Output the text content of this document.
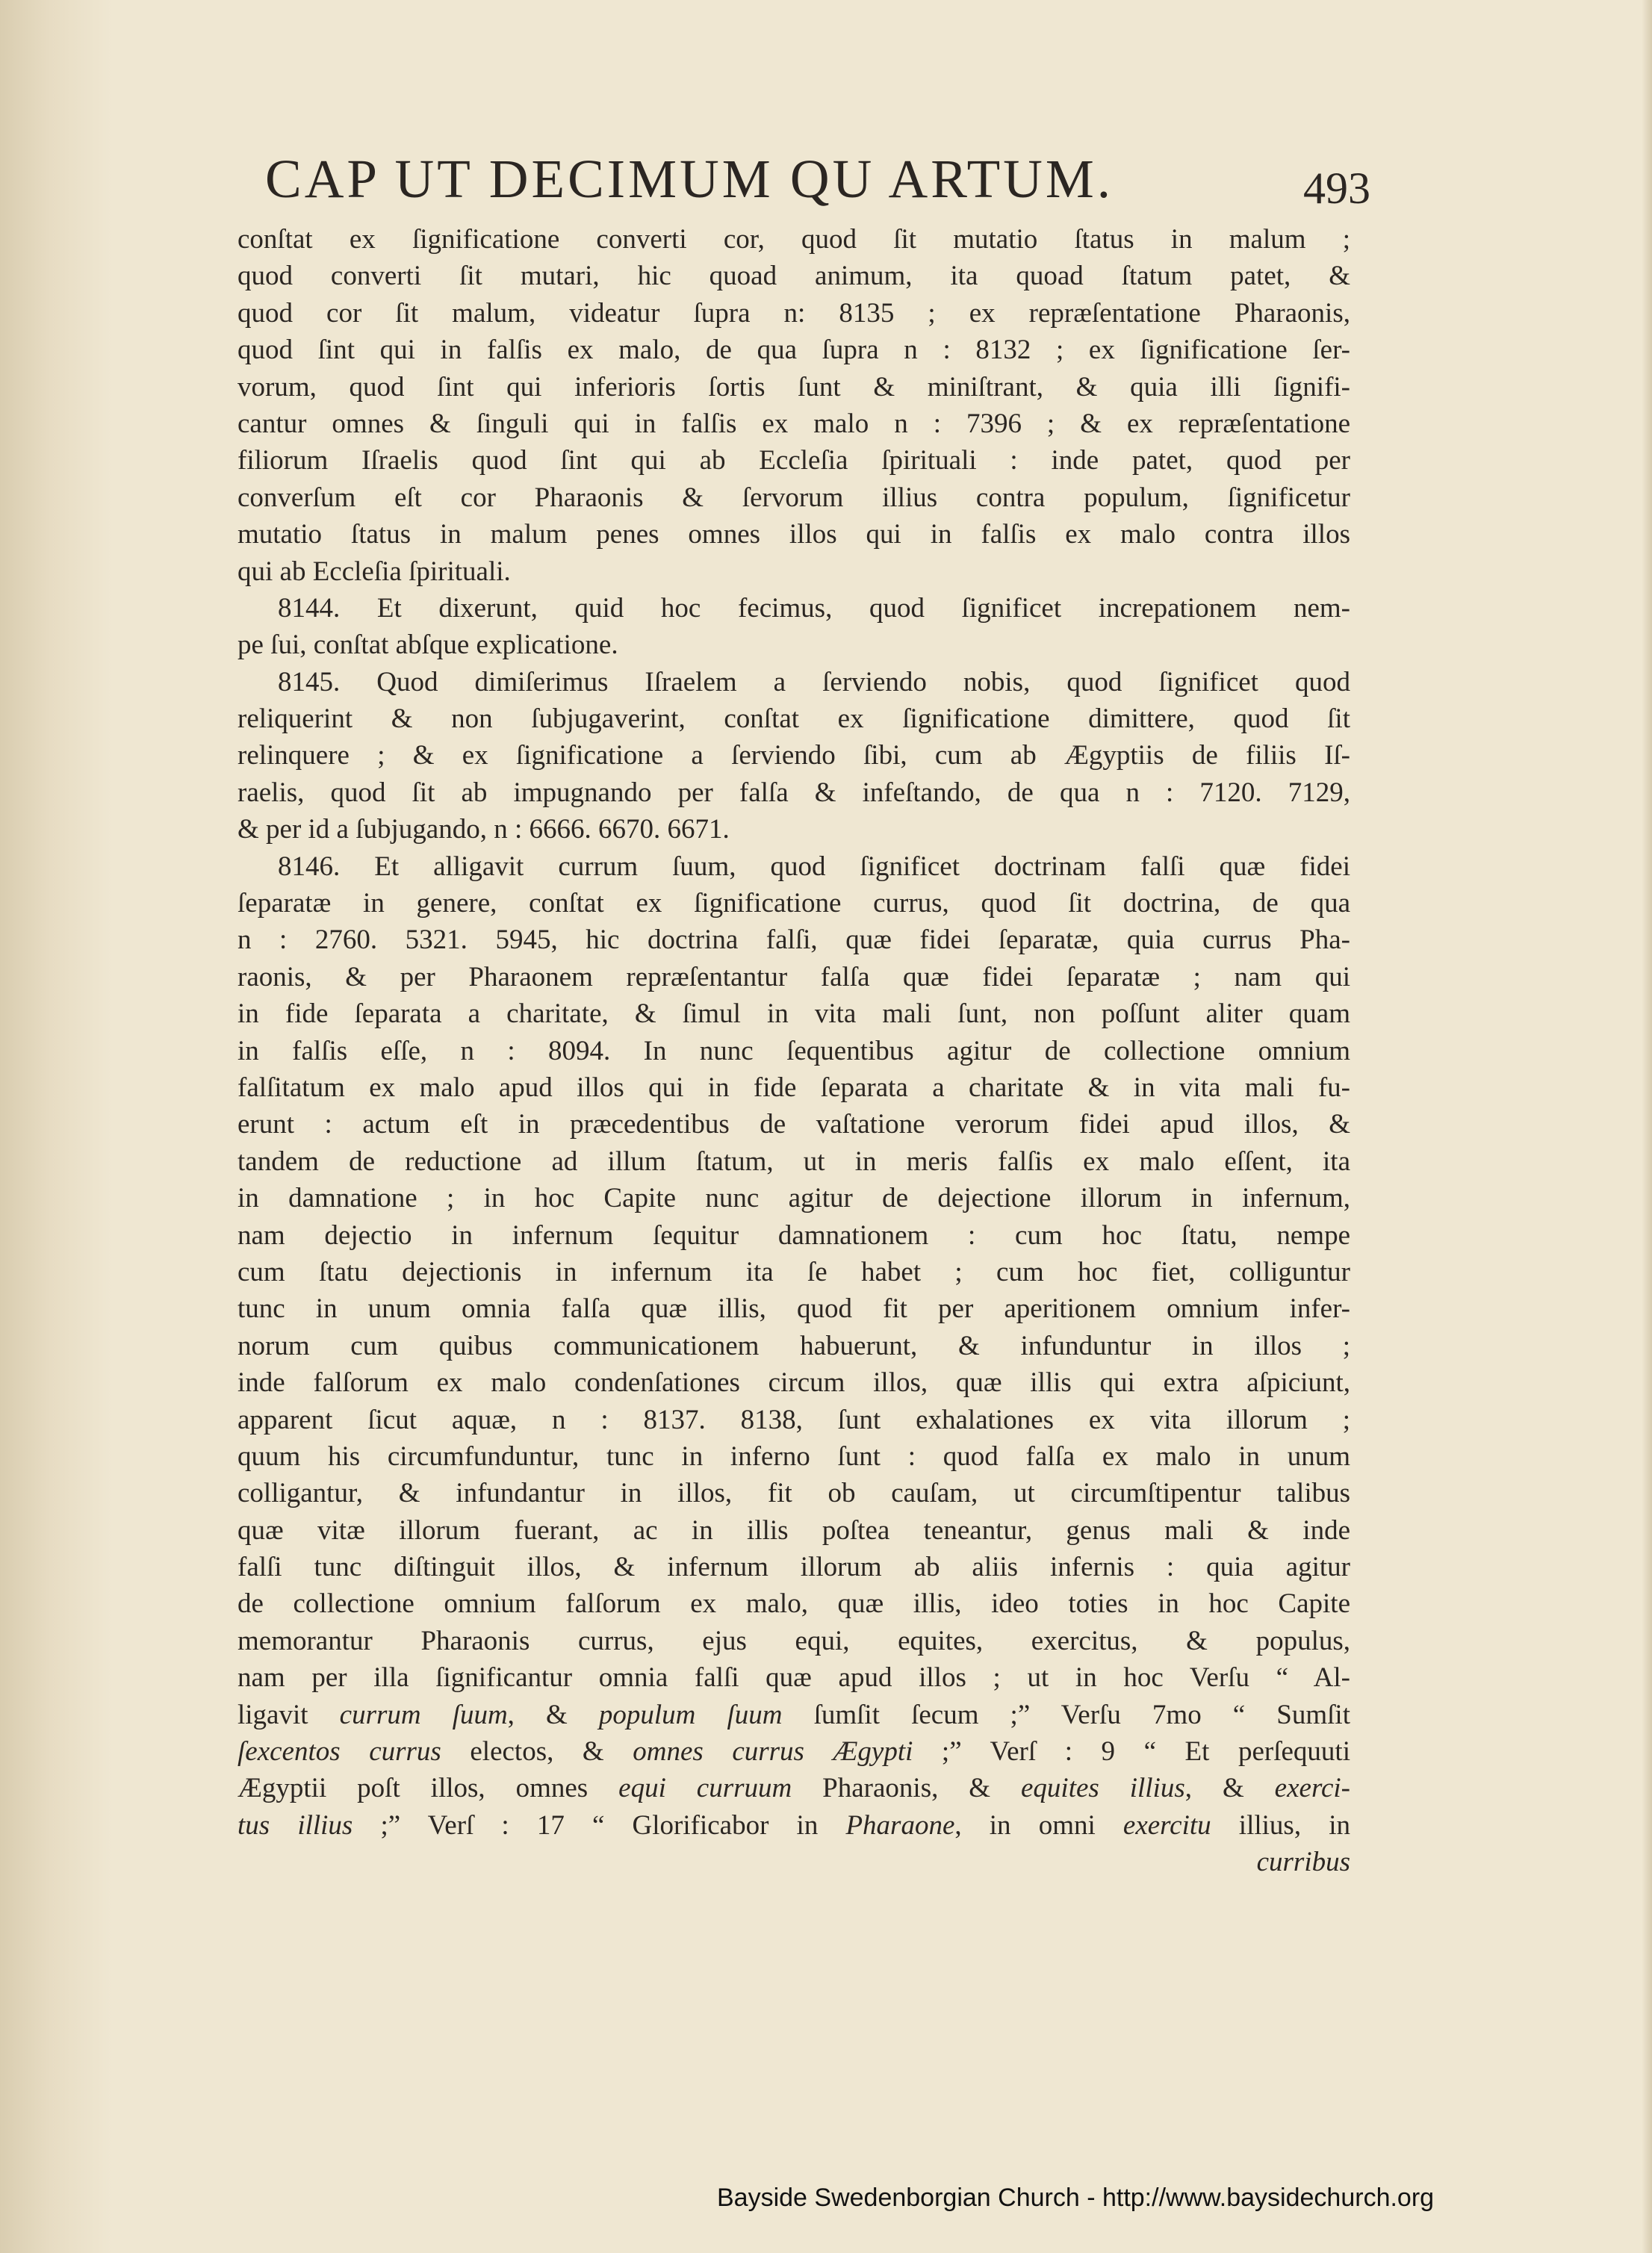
CAP UT DECIMUM QU ARTUM.	493
conſtat ex ſignificatione converti cor, quod ſit mutatio ſtatus in malum ;
quod converti ſit mutari, hic quoad animum, ita quoad ſtatum patet, &
quod cor ſit malum, videatur ſupra n: 8135 ; ex repræſentatione Pharaonis,
quod ſint qui in falſis ex malo, de qua ſupra n : 8132 ; ex ſignificatione ſer-
vorum, quod ſint qui inferioris ſortis ſunt & miniſtrant, & quia illi ſignifi-
cantur omnes & ſinguli qui in falſis ex malo n : 7396 ; & ex repræſentatione
filiorum Iſraelis quod ſint qui ab Eccleſia ſpirituali : inde patet, quod per
converſum eſt cor Pharaonis & ſervorum illius contra populum, ſignificetur
mutatio ſtatus in malum penes omnes illos qui in falſis ex malo contra illos
qui ab Eccleſia ſpirituali.
8144. Et dixerunt, quid hoc fecimus, quod ſignificet increpationem nem-
pe ſui, conſtat abſque explicatione.
8145. Quod dimiſerimus Iſraelem a ſerviendo nobis, quod ſignificet quod
reliquerint & non ſubjugaverint, conſtat ex ſignificatione dimittere, quod ſit
relinquere ; & ex ſignificatione a ſerviendo ſibi, cum ab Ægyptiis de filiis Iſ-
raelis, quod ſit ab impugnando per falſa & infeſtando, de qua n : 7120. 7129,
& per id a ſubjugando, n : 6666. 6670. 6671.
8146. Et alligavit currum ſuum, quod ſignificet doctrinam falſi quæ fidei
ſeparatæ in genere, conſtat ex ſignificatione currus, quod ſit doctrina, de qua
n : 2760. 5321. 5945, hic doctrina falſi, quæ fidei ſeparatæ, quia currus Pha-
raonis, & per Pharaonem repræſentantur falſa quæ fidei ſeparatæ ; nam qui
in fide ſeparata a charitate, & ſimul in vita mali ſunt, non poſſunt aliter quam
in falſis eſſe, n : 8094. In nunc ſequentibus agitur de collectione omnium
falſitatum ex malo apud illos qui in fide ſeparata a charitate & in vita mali fu-
erunt : actum eſt in præcedentibus de vaſtatione verorum fidei apud illos, &
tandem de reductione ad illum ſtatum, ut in meris falſis ex malo eſſent, ita
in damnatione ; in hoc Capite nunc agitur de dejectione illorum in infernum,
nam dejectio in infernum ſequitur damnationem : cum hoc ſtatu, nempe
cum ſtatu dejectionis in infernum ita ſe habet ; cum hoc fiet, colliguntur
tunc in unum omnia falſa quæ illis, quod fit per aperitionem omnium infer-
norum cum quibus communicationem habuerunt, & infunduntur in illos ;
inde falſorum ex malo condenſationes circum illos, quæ illis qui extra aſpiciunt,
apparent ſicut aquæ, n : 8137. 8138, ſunt exhalationes ex vita illorum ;
quum his circumfunduntur, tunc in inferno ſunt : quod falſa ex malo in unum
colligantur, & infundantur in illos, fit ob cauſam, ut circumſtipentur talibus
quæ vitæ illorum fuerant, ac in illis poſtea teneantur, genus mali & inde
falſi tunc diſtinguit illos, & infernum illorum ab aliis infernis : quia agitur
de collectione omnium falſorum ex malo, quæ illis, ideo toties in hoc Capite
memorantur Pharaonis currus, ejus equi, equites, exercitus, & populus,
nam per illa ſignificantur omnia falſi quæ apud illos ; ut in hoc Verſu “ Al-
ligavit currum ſuum, & populum ſuum ſumſit ſecum ;” Verſu 7mo “ Sumſit
ſexcentos currus electos, & omnes currus Ægypti ;” Verſ : 9 “ Et perſequuti
Ægyptii poſt illos, omnes equi curruum Pharaonis, & equites illius, & exerci-
tus illius ;” Verſ : 17 “ Glorificabor in Pharaone, in omni exercitu illius, in
curribus
Bayside Swedenborgian Church - http://www.baysidechurch.org
